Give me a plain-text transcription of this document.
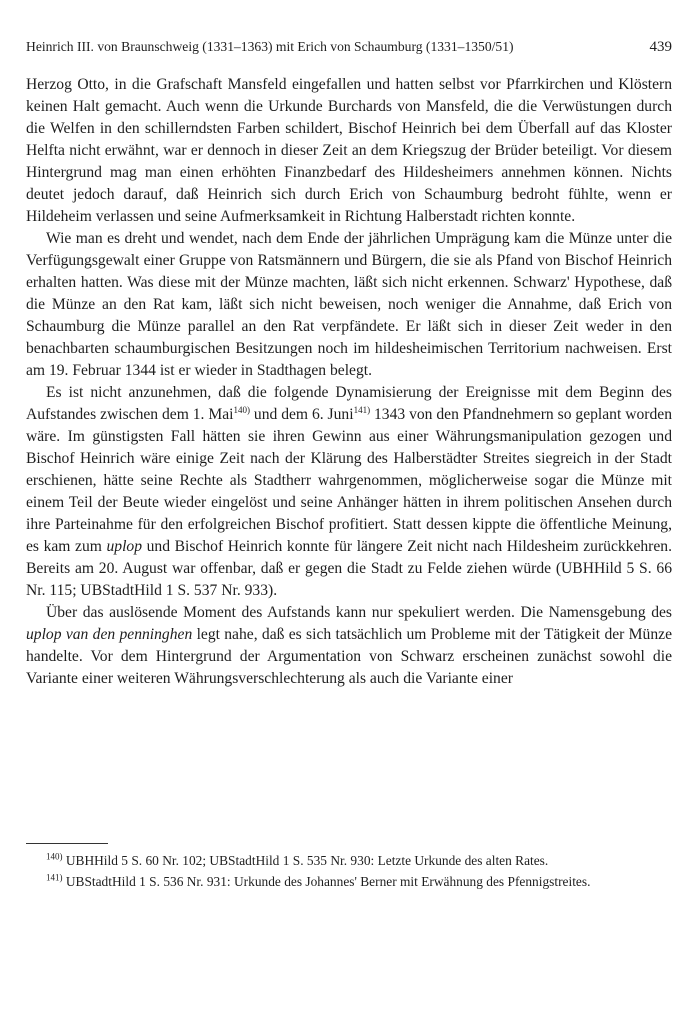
Heinrich III. von Braunschweig (1331–1363) mit Erich von Schaumburg (1331–1350/51)	439

Herzog Otto, in die Grafschaft Mansfeld eingefallen und hatten selbst vor Pfarrkirchen und Klöstern keinen Halt gemacht. Auch wenn die Urkunde Burchards von Mansfeld, die die Verwüstungen durch die Welfen in den schillerndsten Farben schildert, Bischof Heinrich bei dem Überfall auf das Kloster Helfta nicht erwähnt, war er dennoch in dieser Zeit an dem Kriegszug der Brüder beteiligt. Vor diesem Hintergrund mag man einen erhöhten Finanzbedarf des Hildesheimers annehmen können. Nichts deutet jedoch darauf, daß Heinrich sich durch Erich von Schaumburg bedroht fühlte, wenn er Hildeheim verlassen und seine Aufmerksamkeit in Richtung Halberstadt richten konnte.

Wie man es dreht und wendet, nach dem Ende der jährlichen Umprägung kam die Münze unter die Verfügungsgewalt einer Gruppe von Ratsmännern und Bürgern, die sie als Pfand von Bischof Heinrich erhalten hatten. Was diese mit der Münze machten, läßt sich nicht erkennen. Schwarz' Hypothese, daß die Münze an den Rat kam, läßt sich nicht beweisen, noch weniger die Annahme, daß Erich von Schaumburg die Münze parallel an den Rat verpfändete. Er läßt sich in dieser Zeit weder in den benachbarten schaumburgischen Besitzungen noch im hildesheimischen Territorium nachweisen. Erst am 19. Februar 1344 ist er wieder in Stadthagen belegt.

Es ist nicht anzunehmen, daß die folgende Dynamisierung der Ereignisse mit dem Beginn des Aufstandes zwischen dem 1. Mai$^{140)}$ und dem 6. Juni$^{141)}$ 1343 von den Pfandnehmern so geplant worden wäre. Im günstigsten Fall hätten sie ihren Gewinn aus einer Währungsmanipulation gezogen und Bischof Heinrich wäre einige Zeit nach der Klärung des Halberstädter Streites siegreich in der Stadt erschienen, hätte seine Rechte als Stadtherr wahrgenommen, möglicherweise sogar die Münze mit einem Teil der Beute wieder eingelöst und seine Anhänger hätten in ihrem politischen Ansehen durch ihre Parteinahme für den erfolgreichen Bischof profitiert. Statt dessen kippte die öffentliche Meinung, es kam zum uplop und Bischof Heinrich konnte für längere Zeit nicht nach Hildesheim zurückkehren. Bereits am 20. August war offenbar, daß er gegen die Stadt zu Felde ziehen würde (UBHHild 5 S. 66 Nr. 115; UBStadtHild 1 S. 537 Nr. 933).

Über das auslösende Moment des Aufstands kann nur spekuliert werden. Die Namensgebung des uplop van den penninghen legt nahe, daß es sich tatsächlich um Probleme mit der Tätigkeit der Münze handelte. Vor dem Hintergrund der Argumentation von Schwarz erscheinen zunächst sowohl die Variante einer weiteren Währungsverschlechterung als auch die Variante einer

$^{140)}$ UBHHild 5 S. 60 Nr. 102; UBStadtHild 1 S. 535 Nr. 930: Letzte Urkunde des alten Rates.

$^{141)}$ UBStadtHild 1 S. 536 Nr. 931: Urkunde des Johannes' Berner mit Erwähnung des Pfennigstreites.
